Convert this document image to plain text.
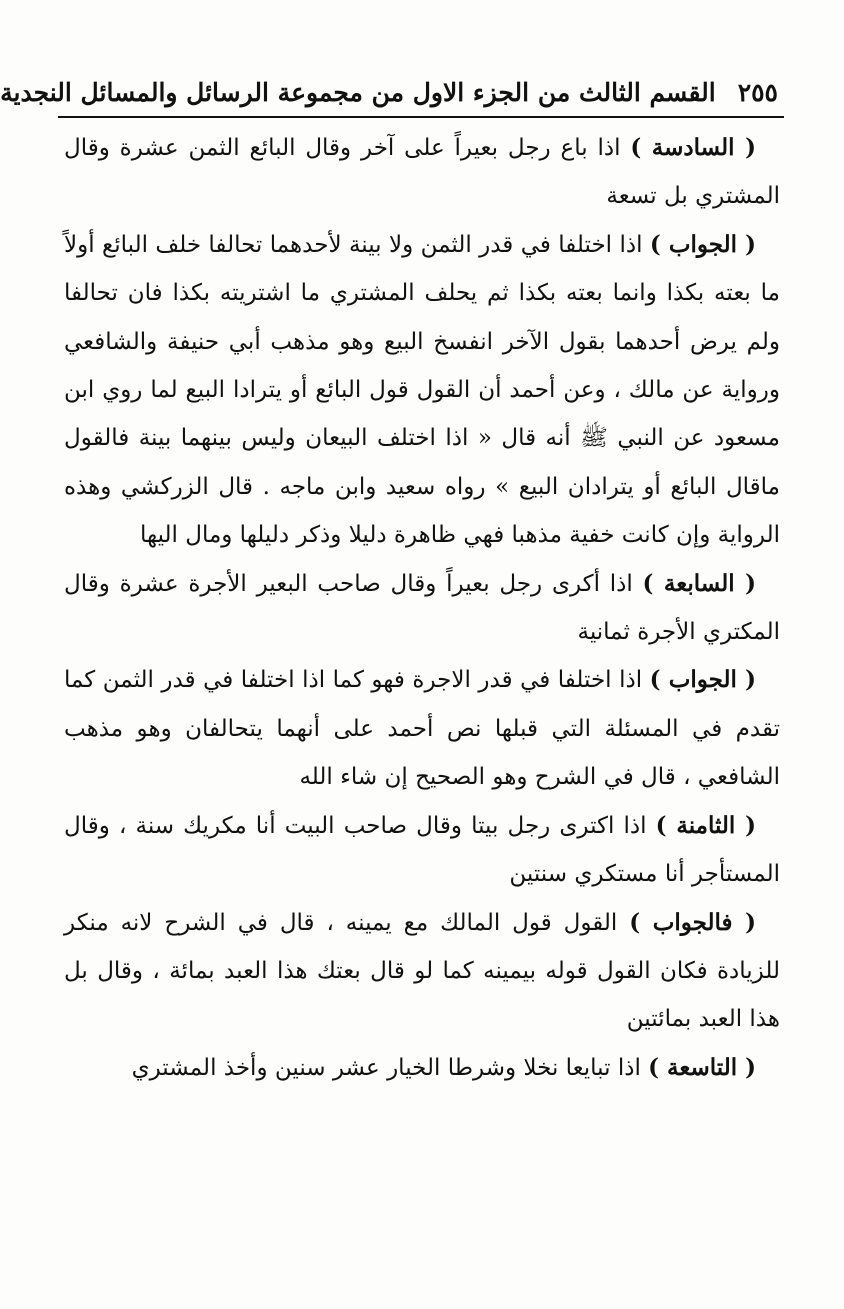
٢٥٥
القسم الثالث من الجزء الاول من مجموعة الرسائل والمسائل النجدية

( السادسة ) اذا باع رجل بعيراً على آخر وقال البائع الثمن عشرة وقال المشتري بل تسعة

( الجواب ) اذا اختلفا في قدر الثمن ولا بينة لأحدهما تحالفا خلف البائع أولاً ما بعته بكذا وانما بعته بكذا ثم يحلف المشتري ما اشتريته بكذا فان تحالفا ولم يرض أحدهما بقول الآخر انفسخ البيع وهو مذهب أبي حنيفة والشافعي ورواية عن مالك ، وعن أحمد أن القول قول البائع أو يترادا البيع لما روي ابن مسعود عن النبي ﷺ أنه قال « اذا اختلف البيعان وليس بينهما بينة فالقول ماقال البائع أو يترادان البيع » رواه سعيد وابن ماجه . قال الزركشي وهذه الرواية وإن كانت خفية مذهبا فهي ظاهرة دليلا وذكر دليلها ومال اليها

( السابعة ) اذا أكرى رجل بعيراً وقال صاحب البعير الأجرة عشرة وقال المكتري الأجرة ثمانية

( الجواب ) اذا اختلفا في قدر الاجرة فهو كما اذا اختلفا في قدر الثمن كما تقدم في المسئلة التي قبلها نص أحمد على أنهما يتحالفان وهو مذهب الشافعي ، قال في الشرح وهو الصحيح إن شاء الله

( الثامنة ) اذا اكترى رجل بيتا وقال صاحب البيت أنا مكريك سنة ، وقال المستأجر أنا مستكري سنتين

( فالجواب ) القول قول المالك مع يمينه ، قال في الشرح لانه منكر للزيادة فكان القول قوله بيمينه كما لو قال بعتك هذا العبد بمائة ، وقال بل هذا العبد بمائتين

( التاسعة ) اذا تبايعا نخلا وشرطا الخيار عشر سنين وأخذ المشتري
